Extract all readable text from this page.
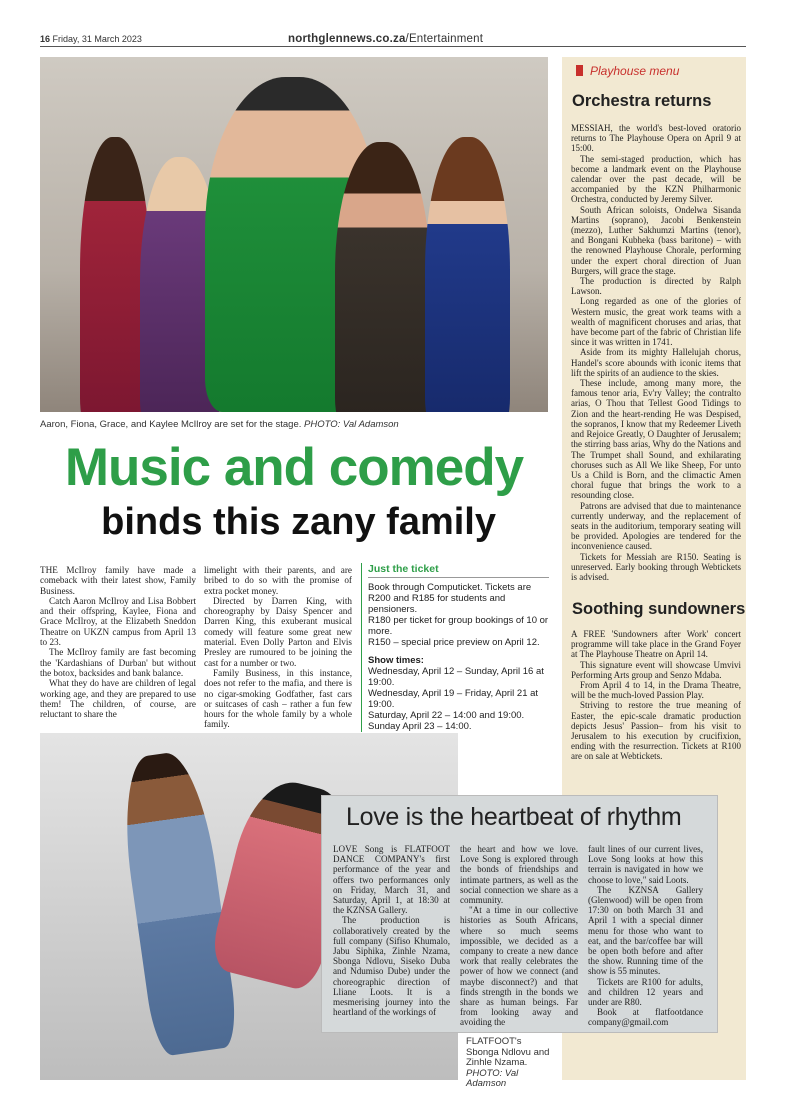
16 Friday, 31 March 2023	northglennews.co.za/Entertainment
Aaron, Fiona, Grace, and Kaylee McIlroy are set for the stage. PHOTO: Val Adamson
Music and comedy
binds this zany family

THE McIlroy family have made a comeback with their latest show, Family Business.

Catch Aaron McIlroy and Lisa Bobbert and their offspring, Kaylee, Fiona and Grace McIlroy, at the Elizabeth Sneddon Theatre on UKZN campus from April 13 to 23.

The McIlroy family are fast becoming the 'Kardashians of Durban' but without the botox, backsides and bank balance.

What they do have are children of legal working age, and they are prepared to use them! The children, of course, are reluctant to share the

limelight with their parents, and are bribed to do so with the promise of extra pocket money.

Directed by Darren King, with choreography by Daisy Spencer and Darren King, this exuberant musical comedy will feature some great new material. Even Dolly Parton and Elvis Presley are rumoured to be joining the cast for a number or two.

Family Business, in this instance, does not refer to the mafia, and there is no cigar-smoking Godfather, fast cars or suitcases of cash – rather a fun few hours for the whole family by a whole family.

Just the ticket
Book through Computicket. Tickets are R200 and R185 for students and pensioners.
R180 per ticket for group bookings of 10 or more.
R150 – special price preview on April 12.
Show times:
Wednesday, April 12 – Sunday, April 16 at 19:00.
Wednesday, April 19 – Friday, April 21 at 19:00.
Saturday, April 22 – 14:00 and 19:00.
Sunday April 23 – 14:00.
Playhouse menu
Orchestra returns

MESSIAH, the world's best-loved oratorio returns to The Playhouse Opera on April 9 at 15:00.

The semi-staged production, which has become a landmark event on the Playhouse calendar over the past decade, will be accompanied by the KZN Philharmonic Orchestra, conducted by Jeremy Silver.

South African soloists, Ondelwa Sisanda Martins (soprano), Jacobi Benkenstein (mezzo), Luther Sakhumzi Martins (tenor), and Bongani Kubheka (bass baritone) – with the renowned Playhouse Chorale, performing under the expert choral direction of Juan Burgers, will grace the stage.

The production is directed by Ralph Lawson.

Long regarded as one of the glories of Western music, the great work teams with a wealth of magnificent choruses and arias, that have become part of the fabric of Christian life since it was written in 1741.

Aside from its mighty Hallelujah chorus, Handel's score abounds with iconic items that lift the spirits of an audience to the skies.

These include, among many more, the famous tenor aria, Ev'ry Valley; the contralto arias, O Thou that Tellest Good Tidings to Zion and the heart-rending He was Despised, the sopranos, I know that my Redeemer Liveth and Rejoice Greatly, O Daughter of Jerusalem; the stirring bass arias, Why do the Nations and The Trumpet shall Sound, and exhilarating choruses such as All We like Sheep, For unto Us a Child is Born, and the climactic Amen choral fugue that brings the work to a resounding close.

Patrons are advised that due to maintenance currently underway, and the replacement of seats in the auditorium, temporary seating will be provided. Apologies are tendered for the inconvenience caused.

Tickets for Messiah are R150. Seating is unreserved. Early booking through Webtickets is advised.

Soothing sundowners

A FREE 'Sundowners after Work' concert programme will take place in the Grand Foyer at The Playhouse Theatre on April 14.

This signature event will showcase Umvivi Performing Arts group and Senzo Mdaba.

From April 4 to 14, in the Drama Theatre, will be the much-loved Passion Play.

Striving to restore the true meaning of Easter, the epic-scale dramatic production depicts Jesus' Passion– from his visit to Jerusalem to his execution by crucifixion, ending with the resurrection. Tickets at R100 are on sale at Webtickets.

Love is the heartbeat of rhythm

LOVE Song is FLATFOOT DANCE COMPANY's first performance of the year and offers two performances only on Friday, March 31, and Saturday, April 1, at 18:30 at the KZNSA Gallery.

The production is collaboratively created by the full company (Sifiso Khumalo, Jabu Siphika, Zinhle Nzama, Sbonga Ndlovu, Siseko Duba and Ndumiso Dube) under the choreographic direction of Lliane Loots. It is a mesmerising journey into the heartland of the workings of

the heart and how we love. Love Song is explored through the bonds of friendships and intimate partners, as well as the social connection we share as a community.

"At a time in our collective histories as South Africans, where so much seems impossible, we decided as a company to create a new dance work that really celebrates the power of how we connect (and maybe disconnect?) and that finds strength in the bonds we share as human beings. Far from looking away and avoiding the

fault lines of our current lives, Love Song looks at how this terrain is navigated in how we choose to love," said Loots.

The KZNSA Gallery (Glenwood) will be open from 17:30 on both March 31 and April 1 with a special dinner menu for those who want to eat, and the bar/coffee bar will be open both before and after the show. Running time of the show is 55 minutes.

Tickets are R100 for adults, and children 12 years and under are R80.

Book at flatfootdance company@gmail.com

FLATFOOT's Sbonga Ndlovu and Zinhle Nzama. PHOTO: Val Adamson
